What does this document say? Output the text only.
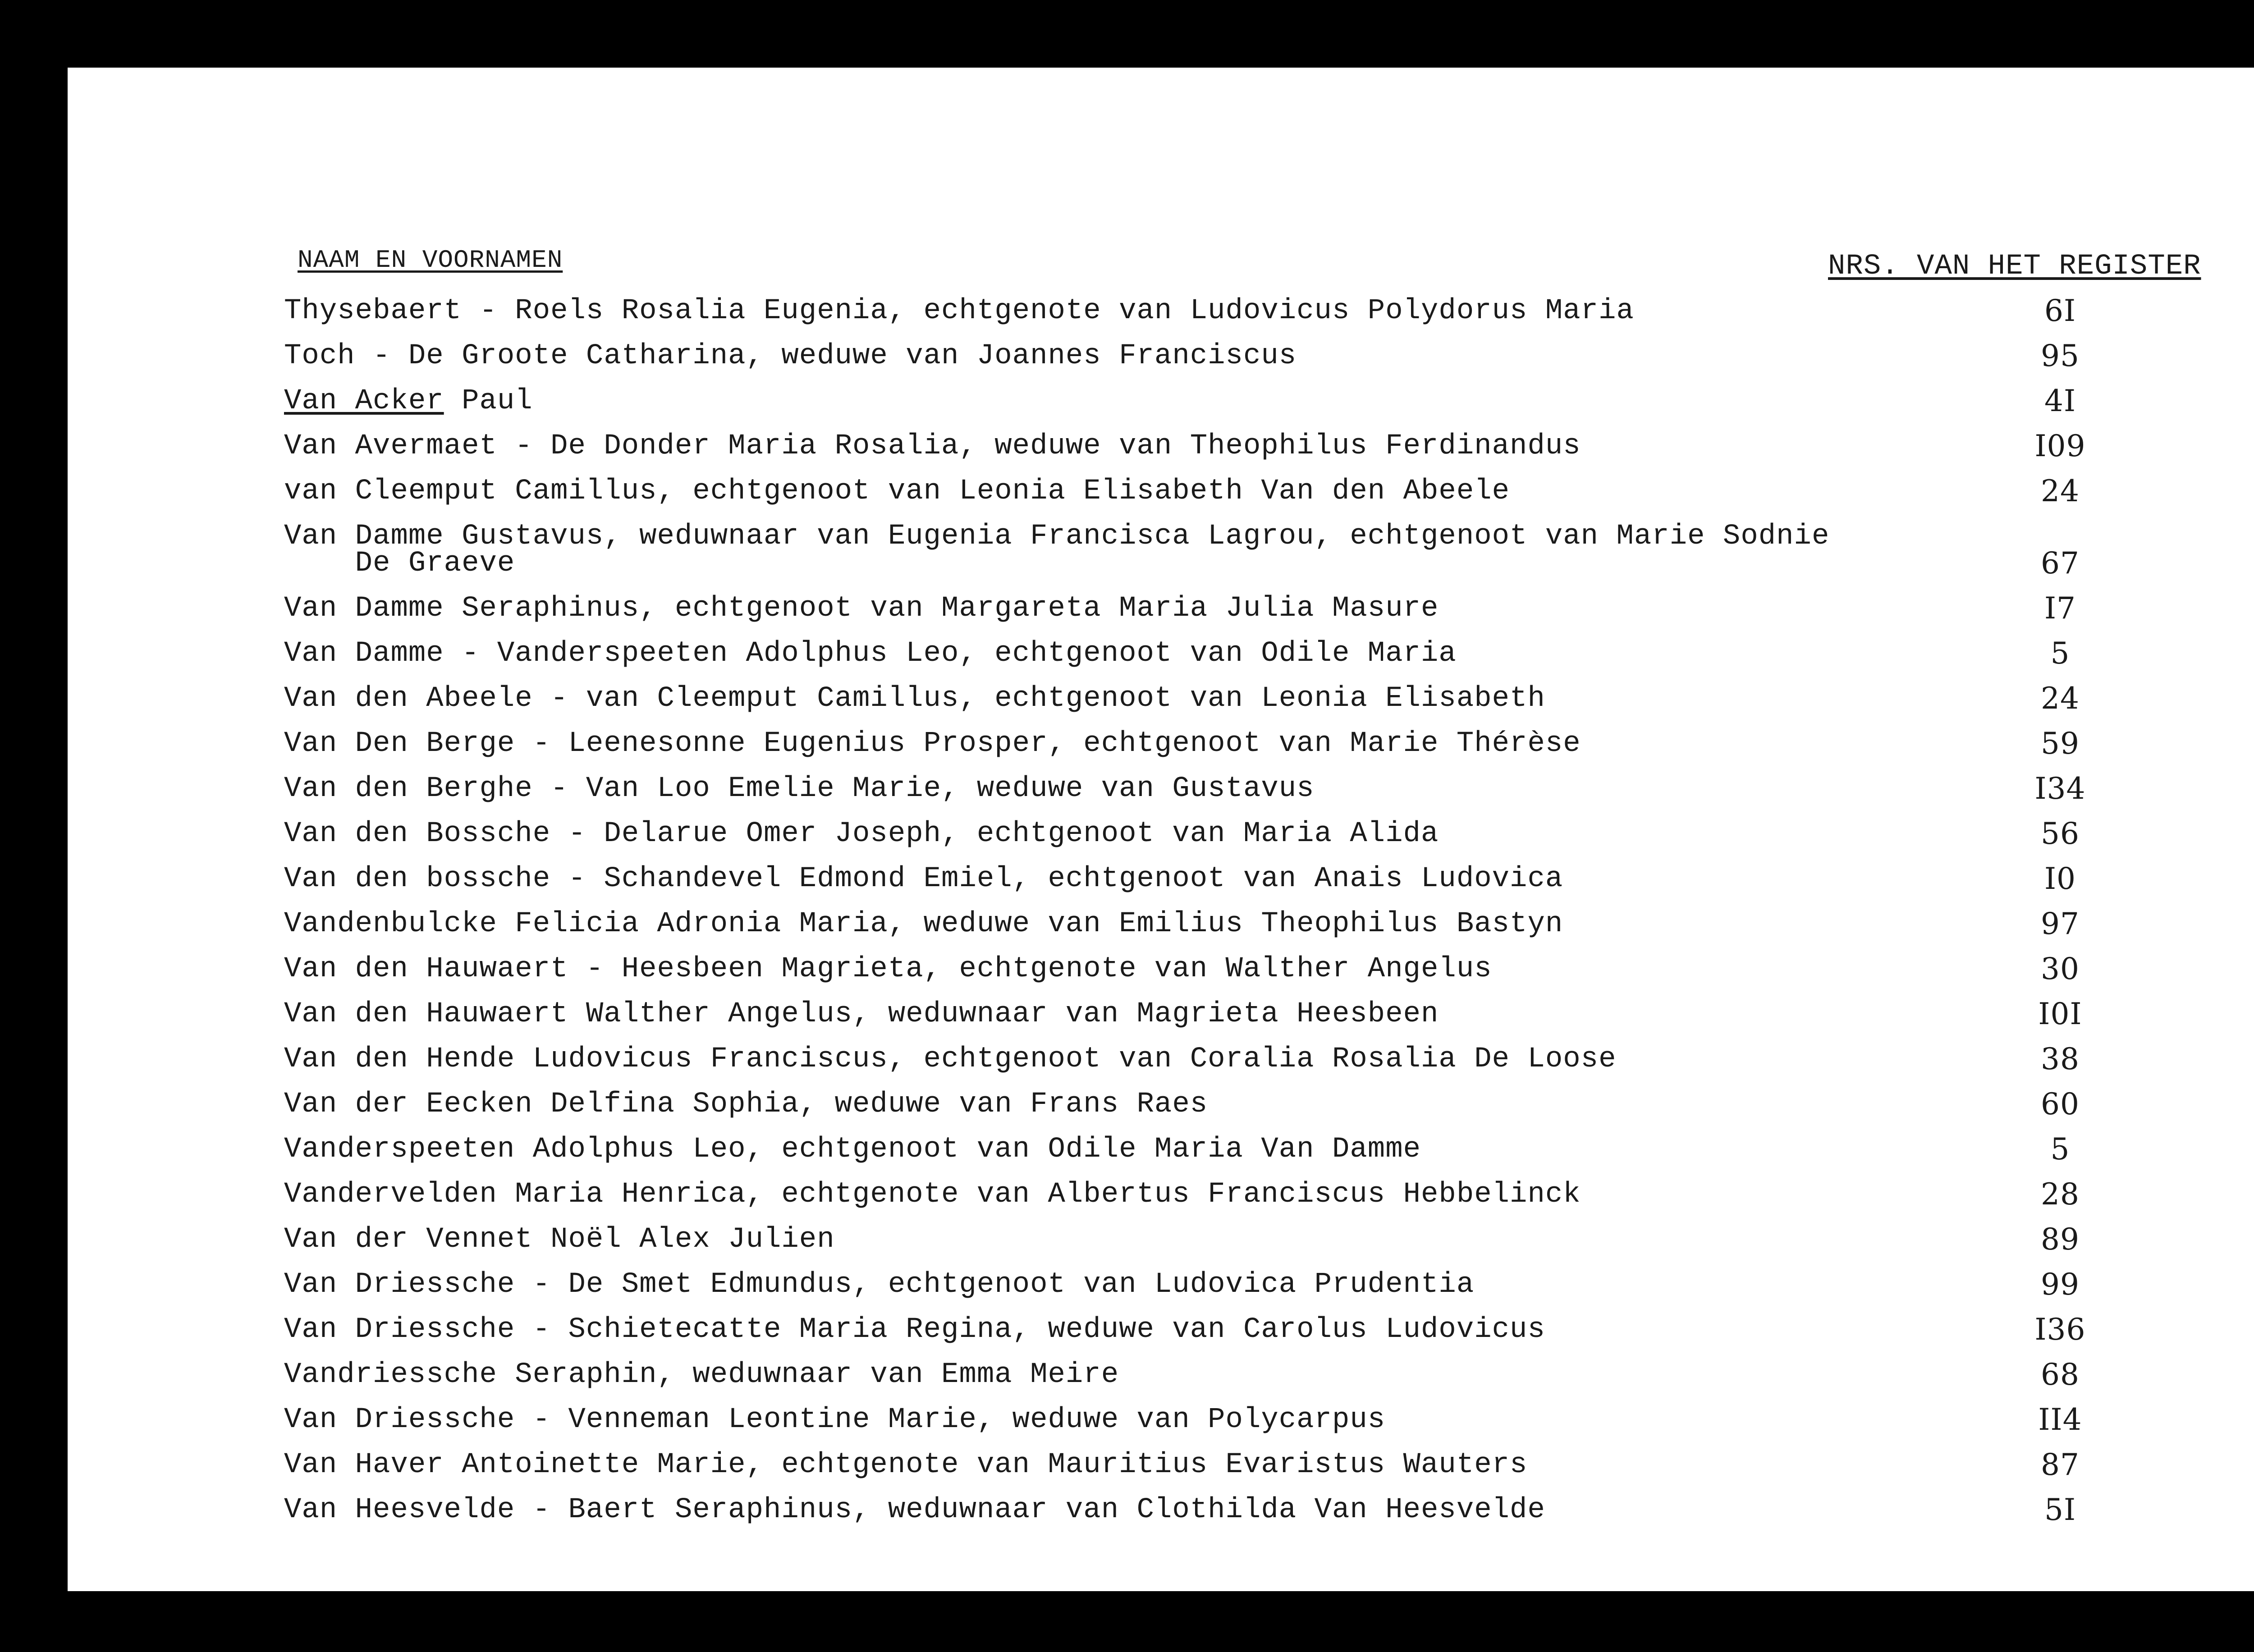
NAAM EN VOORNAMEN	NRS. VAN HET REGISTER
Thysebaert - Roels Rosalia Eugenia, echtgenote van Ludovicus Polydorus Maria	6I
Toch - De Groote Catharina, weduwe van Joannes Franciscus	95
Van Acker Paul	4I
Van Avermaet - De Donder Maria Rosalia, weduwe van Theophilus Ferdinandus	I09
van Cleemput Camillus, echtgenoot van Leonia Elisabeth Van den Abeele	24
Van Damme Gustavus, weduwnaar van Eugenia Francisca Lagrou, echtgenoot van Marie Sodnie
De Graeve	67
Van Damme Seraphinus, echtgenoot van Margareta Maria Julia Masure	I7
Van Damme - Vanderspeeten Adolphus Leo, echtgenoot van Odile Maria	5
Van den Abeele - van Cleemput Camillus, echtgenoot van Leonia Elisabeth	24
Van Den Berge - Leenesonne Eugenius Prosper, echtgenoot van Marie Thérèse	59
Van den Berghe - Van Loo Emelie Marie, weduwe van Gustavus	I34
Van den Bossche - Delarue Omer Joseph, echtgenoot van Maria Alida	56
Van den bossche - Schandevel Edmond Emiel, echtgenoot van Anais Ludovica	I0
Vandenbulcke Felicia Adronia Maria, weduwe van Emilius Theophilus Bastyn	97
Van den Hauwaert - Heesbeen Magrieta, echtgenote van Walther Angelus	30
Van den Hauwaert Walther Angelus, weduwnaar van Magrieta Heesbeen	I0I
Van den Hende Ludovicus Franciscus, echtgenoot van Coralia Rosalia De Loose	38
Van der Eecken Delfina Sophia, weduwe van Frans Raes	60
Vanderspeeten Adolphus Leo, echtgenoot van Odile Maria Van Damme	5
Vandervelden Maria Henrica, echtgenote van Albertus Franciscus Hebbelinck	28
Van der Vennet Noël Alex Julien	89
Van Driessche - De Smet Edmundus, echtgenoot van Ludovica Prudentia	99
Van Driessche - Schietecatte Maria Regina, weduwe van Carolus Ludovicus	I36
Vandriessche Seraphin, weduwnaar van Emma Meire	68
Van Driessche - Venneman Leontine Marie, weduwe van Polycarpus	II4
Van Haver Antoinette Marie, echtgenote van Mauritius Evaristus Wauters	87
Van Heesvelde - Baert Seraphinus, weduwnaar van Clothilda Van Heesvelde	5I
